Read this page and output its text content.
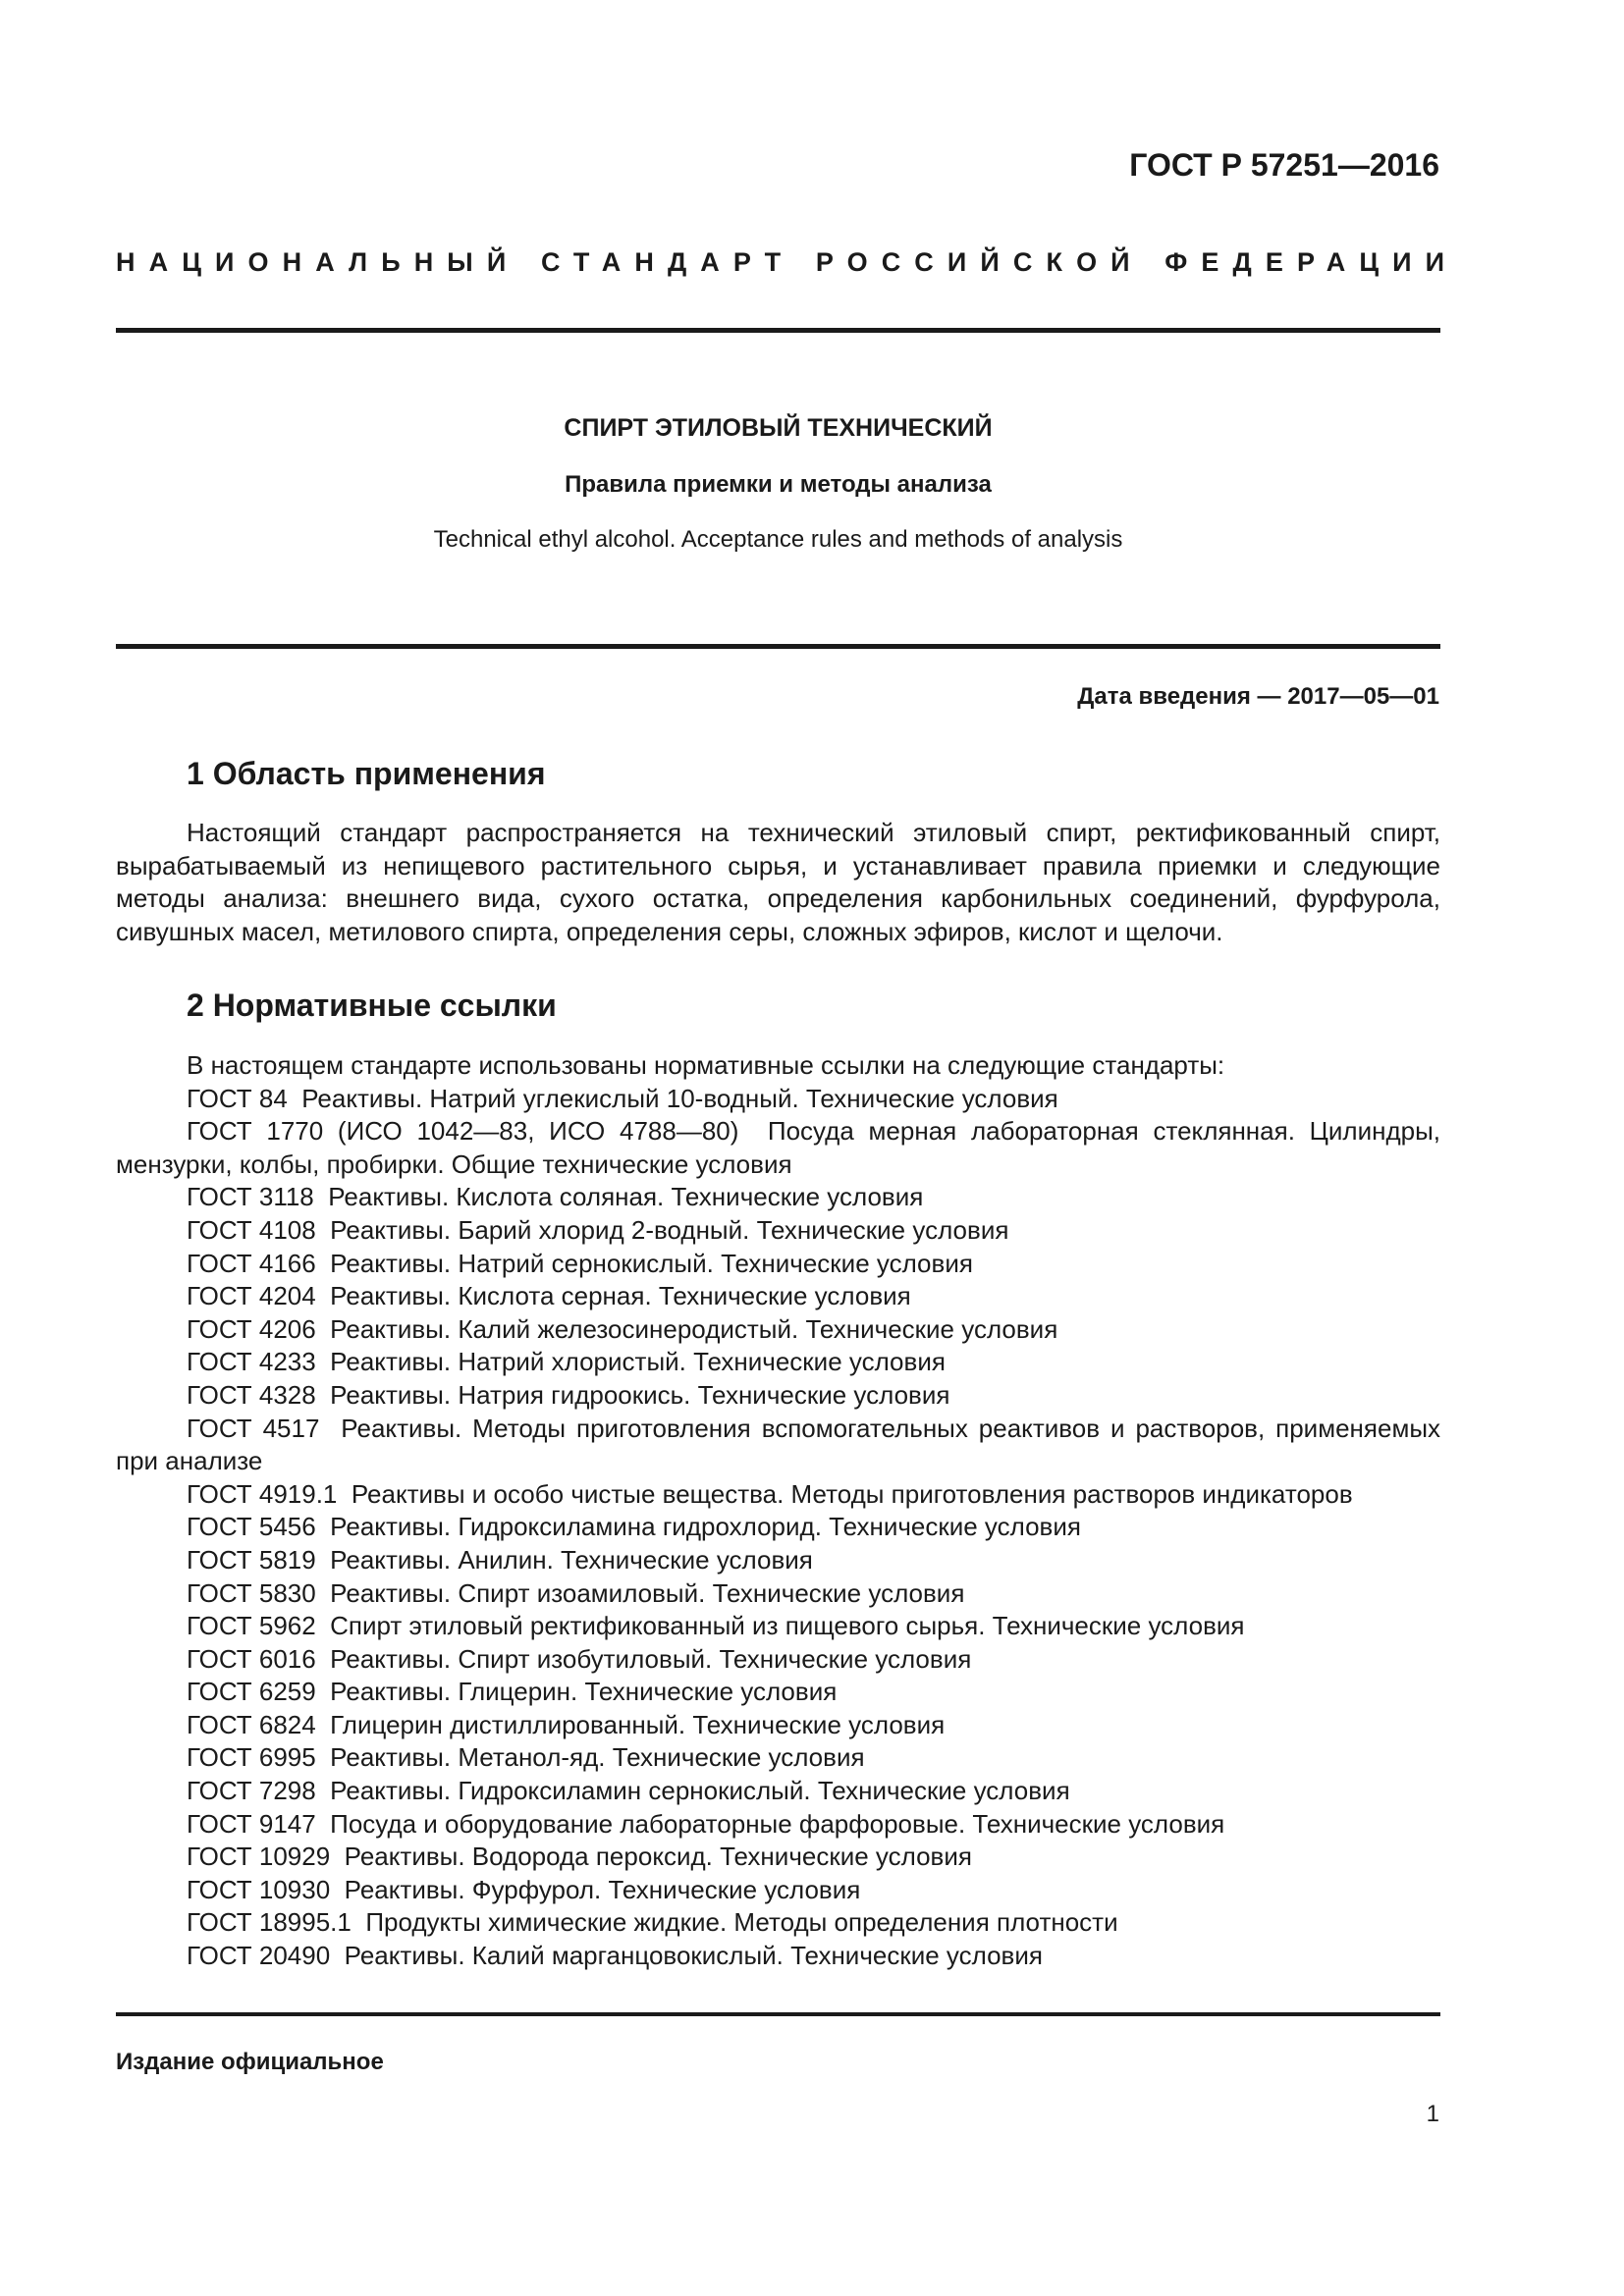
ГОСТ Р 57251—2016
НАЦИОНАЛЬНЫЙ СТАНДАРТ РОССИЙСКОЙ ФЕДЕРАЦИИ
СПИРТ ЭТИЛОВЫЙ ТЕХНИЧЕСКИЙ
Правила приемки и методы анализа
Technical ethyl alcohol. Acceptance rules and methods of analysis
Дата введения — 2017—05—01
1 Область применения

Настоящий стандарт распространяется на технический этиловый спирт, ректификованный спирт, вырабатываемый из непищевого растительного сырья, и устанавливает правила приемки и следующие методы анализа: внешнего вида, сухого остатка, определения карбонильных соединений, фурфурола, сивушных масел, метилового спирта, определения серы, сложных эфиров, кислот и щелочи.

2 Нормативные ссылки

В настоящем стандарте использованы нормативные ссылки на следующие стандарты:

ГОСТ 84 Реактивы. Натрий углекислый 10-водный. Технические условия

ГОСТ 1770 (ИСО 1042—83, ИСО 4788—80) Посуда мерная лабораторная стеклянная. Цилиндры, мензурки, колбы, пробирки. Общие технические условия

ГОСТ 3118 Реактивы. Кислота соляная. Технические условия

ГОСТ 4108 Реактивы. Барий хлорид 2-водный. Технические условия

ГОСТ 4166 Реактивы. Натрий сернокислый. Технические условия

ГОСТ 4204 Реактивы. Кислота серная. Технические условия

ГОСТ 4206 Реактивы. Калий железосинеродистый. Технические условия

ГОСТ 4233 Реактивы. Натрий хлористый. Технические условия

ГОСТ 4328 Реактивы. Натрия гидроокись. Технические условия

ГОСТ 4517 Реактивы. Методы приготовления вспомогательных реактивов и растворов, применяемых при анализе

ГОСТ 4919.1 Реактивы и особо чистые вещества. Методы приготовления растворов индикаторов

ГОСТ 5456 Реактивы. Гидроксиламина гидрохлорид. Технические условия

ГОСТ 5819 Реактивы. Анилин. Технические условия

ГОСТ 5830 Реактивы. Спирт изоамиловый. Технические условия

ГОСТ 5962 Спирт этиловый ректификованный из пищевого сырья. Технические условия

ГОСТ 6016 Реактивы. Спирт изобутиловый. Технические условия

ГОСТ 6259 Реактивы. Глицерин. Технические условия

ГОСТ 6824 Глицерин дистиллированный. Технические условия

ГОСТ 6995 Реактивы. Метанол-яд. Технические условия

ГОСТ 7298 Реактивы. Гидроксиламин сернокислый. Технические условия

ГОСТ 9147 Посуда и оборудование лабораторные фарфоровые. Технические условия

ГОСТ 10929 Реактивы. Водорода пероксид. Технические условия

ГОСТ 10930 Реактивы. Фурфурол. Технические условия

ГОСТ 18995.1 Продукты химические жидкие. Методы определения плотности

ГОСТ 20490 Реактивы. Калий марганцовокислый. Технические условия

Издание официальное
1
